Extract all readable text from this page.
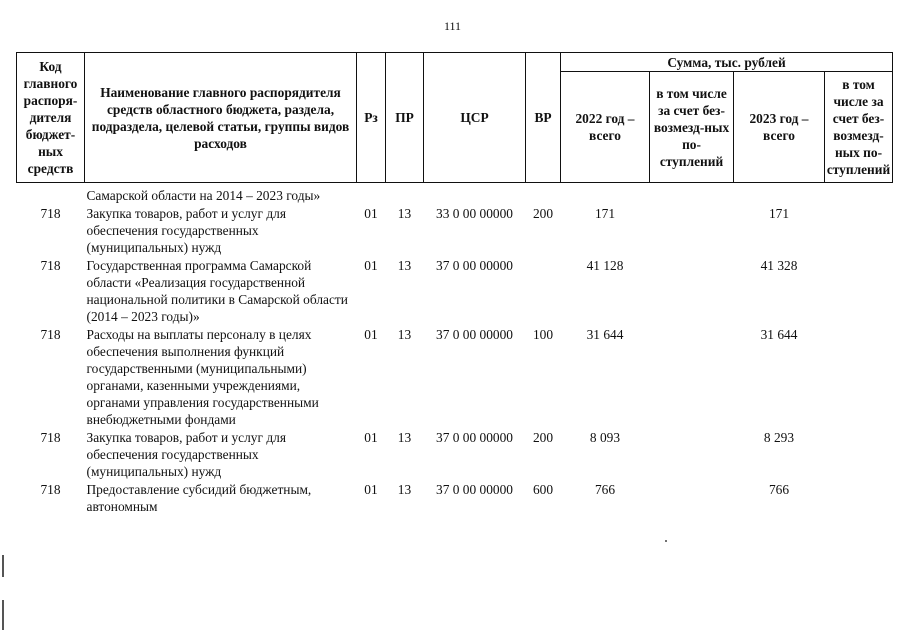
111
Код главного распоря-дителя бюджет-ных средств	Наименование главного распорядителя средств областного бюджета, раздела, подраздела, целевой статьи, группы видов расходов	Рз	ПР	ЦСР	ВР	Сумма, тыс. рублей			
						2022 год – всего	в том числе за счет без-возмезд-ных по-ступлений	2023 год – всего	в том числе за счет без-возмезд-ных по-ступлений
	Самарской области на 2014 – 2023 годы»								
718	Закупка товаров, работ и услуг для обеспечения государственных (муниципальных) нужд	01	13	33 0 00 00000	200	171		171	
718	Государственная программа Самарской области «Реализация государственной национальной политики в Самарской области (2014 – 2023 годы)»	01	13	37 0 00 00000		41 128		41 328	
718	Расходы на выплаты персоналу в целях обеспечения выполнения функций государственными (муниципальными) органами, казенными учреждениями, органами управления государственными внебюджетными фондами	01	13	37 0 00 00000	100	31 644		31 644	
718	Закупка товаров, работ и услуг для обеспечения государственных (муниципальных) нужд	01	13	37 0 00 00000	200	8 093		8 293	
718	Предоставление субсидий бюджетным, автономным	01	13	37 0 00 00000	600	766		766	
